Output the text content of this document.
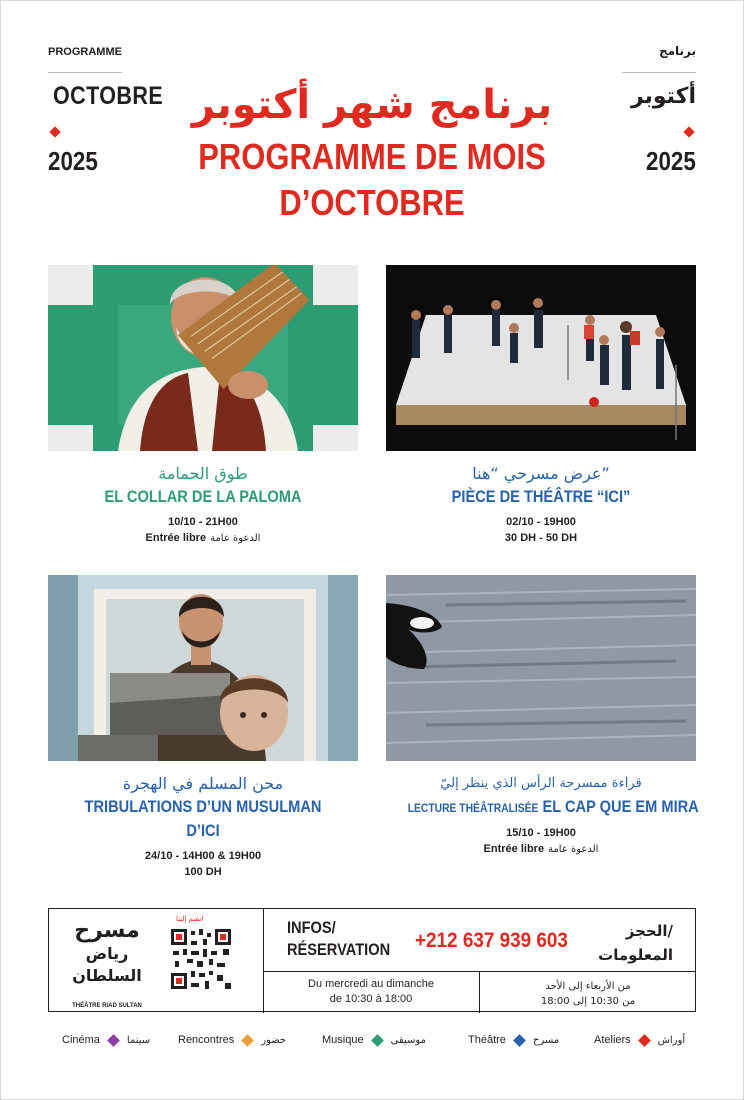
PROGRAMME
OCTOBRE
2025
برنامج
أكتوبر
2025
برنامج شهر أكتوبر
PROGRAMME DE MOIS
D’OCTOBRE
طوق الحمامة
EL COLLAR DE LA PALOMA
10/10 - 21H00
Entrée libre الدعوة عامة
عرض مسرحي “هنا”
PIÈCE DE THÉÂTRE “ICI”
02/10 - 19H00
30 DH - 50 DH
محن المسلم في الهجرة
TRIBULATIONS D’UN MUSULMAN D’ICI
24/10 - 14H00 & 19H00
100 DH
قراءة ممسرحة الرأس الذي ينظر إليّ
LECTURE THÉÂTRALISÉE EL CAP QUE EM MIRA
15/10 - 19H00
Entrée libre الدعوة عامة
مسرح
رياض السلطان
THÉÂTRE RIAD SULTAN
انضم إلينا	INFOS/
RÉSERVATION +212 637 939 603	الحجز/
المعلومات
Du mercredi au dimanche
de 10:30 à 18:00
من الأربعاء إلى الأحد
من 10:30 إلى 18:00
Cinéma	سينما	Rencontres	حضور	Musique	موسيقى	Théâtre	مسرح	Ateliers	أوراش
